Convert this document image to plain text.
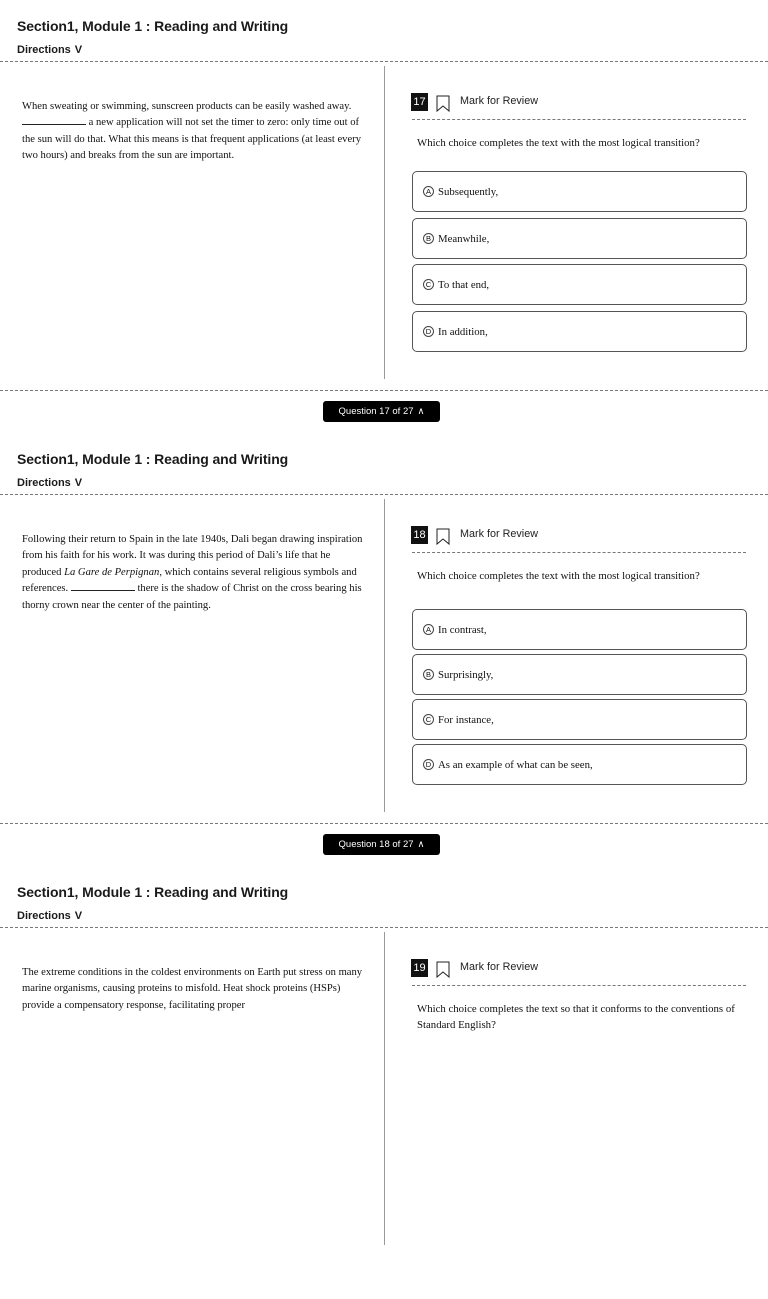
Section1, Module 1 : Reading and Writing
Directions V
When sweating or swimming, sunscreen products can be easily washed away.  a new application will not set the timer to zero: only time out of the sun will do that. What this means is that frequent applications (at least every two hours) and breaks from the sun are important.
17	Mark for Review
Which choice completes the text with the most logical transition?
A Subsequently,
B Meanwhile,
C To that end,
D In addition,
Question 17 of 27 ∧
Section1, Module 1 : Reading and Writing
Directions V
Following their return to Spain in the late 1940s, Dali began drawing inspiration from his faith for his work. It was during this period of Dali’s life that he produced La Gare de Perpignan, which contains several religious symbols and references.	there is the shadow of Christ on the cross bearing his thorny crown near the center of the painting.
18	Mark for Review
Which choice completes the text with the most logical transition?
A In contrast,
B Surprisingly,
C For instance,
D As an example of what can be seen,
Question 18 of 27 ∧
Section1, Module 1 : Reading and Writing
Directions V
The extreme conditions in the coldest environments on Earth put stress on many marine organisms, causing proteins to misfold. Heat shock proteins (HSPs) provide a compensatory response, facilitating proper
19	Mark for Review
Which choice completes the text so that it conforms to the conventions of Standard English?
